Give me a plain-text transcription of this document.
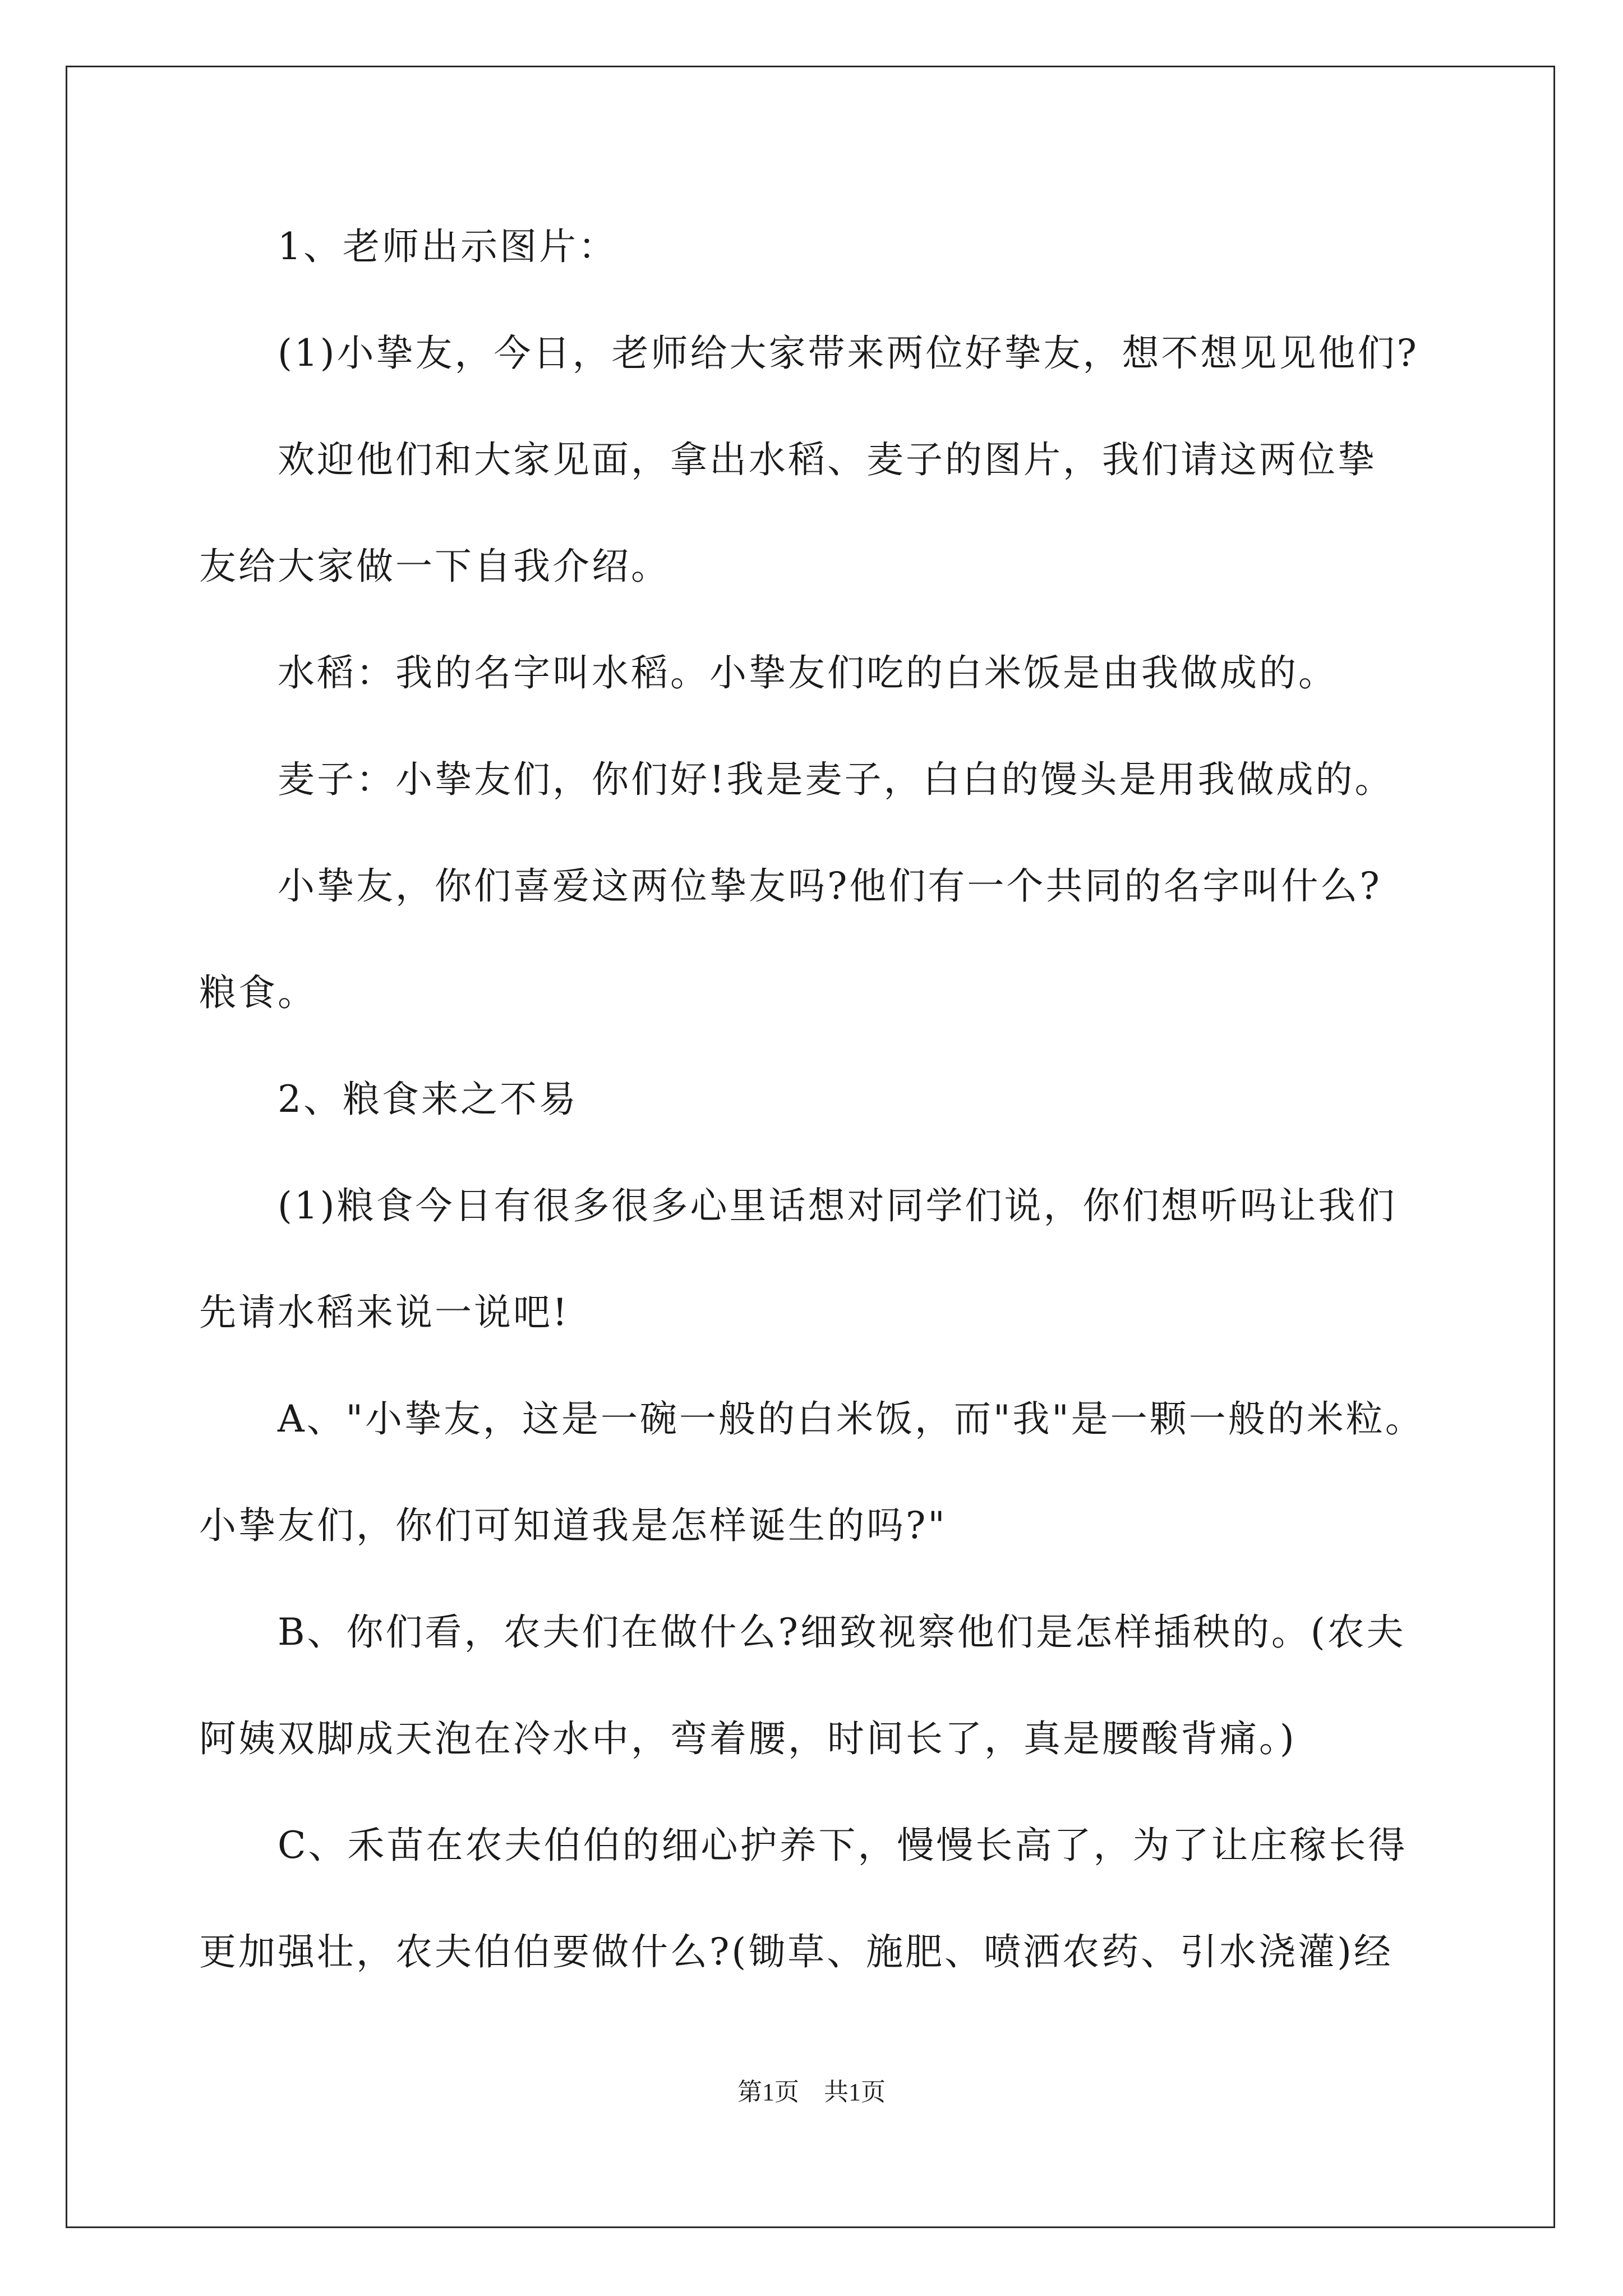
1、老师出示图片：

(1)小挚友，今日，老师给大家带来两位好挚友，想不想见见他们?

欢迎他们和大家见面，拿出水稻、麦子的图片，我们请这两位挚

友给大家做一下自我介绍。

水稻：我的名字叫水稻。小挚友们吃的白米饭是由我做成的。

麦子：小挚友们，你们好!我是麦子，白白的馒头是用我做成的。

小挚友，你们喜爱这两位挚友吗?他们有一个共同的名字叫什么?

粮食。

2、粮食来之不易

(1)粮食今日有很多很多心里话想对同学们说，你们想听吗让我们

先请水稻来说一说吧!

A、"小挚友，这是一碗一般的白米饭，而"我"是一颗一般的米粒。

小挚友们，你们可知道我是怎样诞生的吗?"

B、你们看，农夫们在做什么?细致视察他们是怎样插秧的。(农夫

阿姨双脚成天泡在冷水中，弯着腰，时间长了，真是腰酸背痛。)

C、禾苗在农夫伯伯的细心护养下，慢慢长高了，为了让庄稼长得

更加强壮，农夫伯伯要做什么?(锄草、施肥、喷洒农药、引水浇灌)经

第1页　共1页
